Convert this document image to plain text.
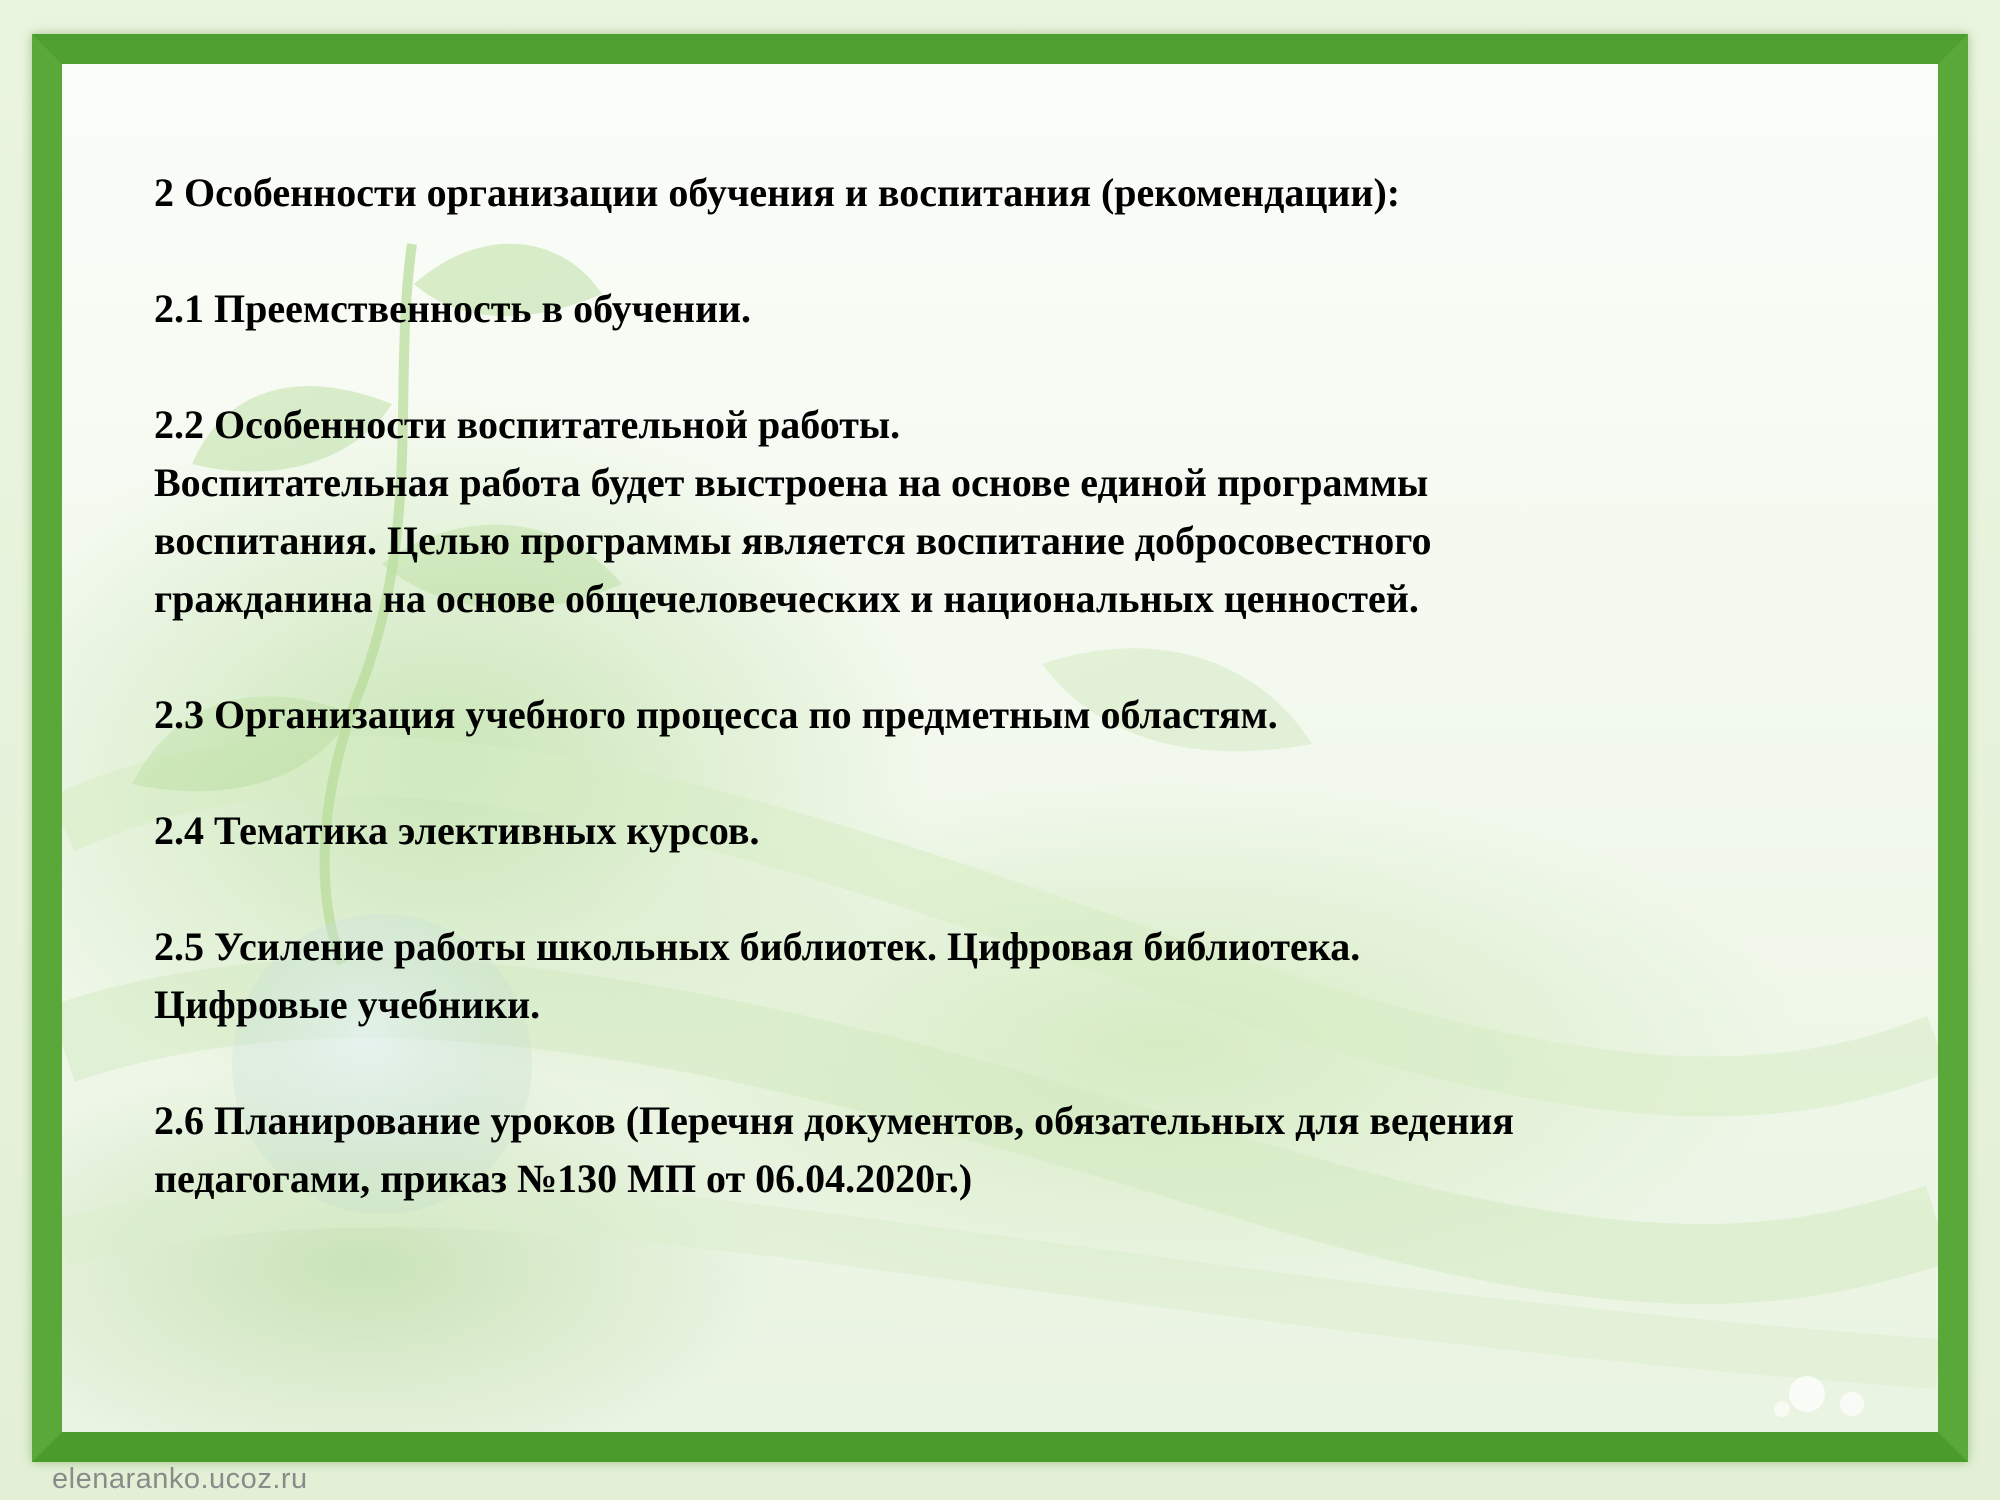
2 Особенности организации обучения и воспитания (рекомендации):

2.1 Преемственность в обучении.

2.2 Особенности воспитательной работы.

Воспитательная работа будет выстроена на основе единой программы

воспитания. Целью программы является воспитание добросовестного

гражданина на основе общечеловеческих и национальных ценностей.

2.3 Организация учебного процесса по предметным областям.

2.4 Тематика элективных курсов.

2.5 Усиление работы школьных библиотек. Цифровая библиотека.

Цифровые учебники.

2.6 Планирование уроков (Перечня документов, обязательных для ведения

педагогами, приказ №130 МП от 06.04.2020г.)

elenaranko.ucoz.ru
